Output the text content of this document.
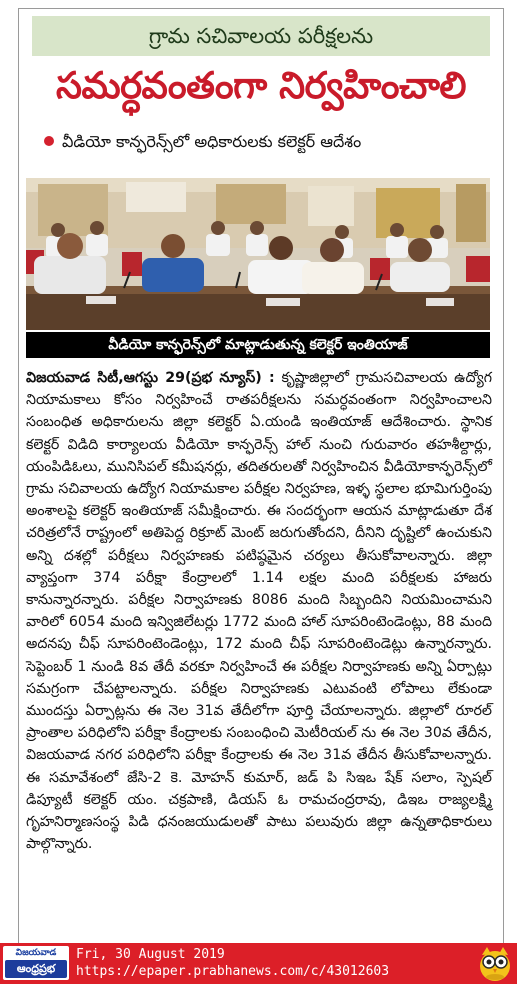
గ్రామ సచివాలయ పరీక్షలను
సమర్ధవంతంగా నిర్వహించాలి
వీడియో కాన్ఫరెన్స్‌లో అధికారులకు కలెక్టర్ ఆదేశం
వీడియో కాన్ఫరెన్స్‌లో మాట్లాడుతున్న కలెక్టర్ ఇంతియాజ్

విజయవాడ సిటీ,ఆగస్టు 29(ప్రభ న్యూస్) : కృష్ణాజిల్లాలో గ్రామసచివాలయ ఉద్యోగ నియామకాలు కోసం నిర్వహించే రాతపరీక్షలను సమర్ధవంతంగా నిర్వహించాలని సంబంధిత అధికారులను జిల్లా కలెక్టర్ ఏ.యండి ఇంతియాజ్ ఆదేశించారు. స్థానిక కలెక్టర్ విడిది కార్యాలయ వీడియో కాన్ఫరెన్స్ హాల్ నుంచి గురువారం తహశీల్దార్లు, యంపిడిఓలు, మునిసిపల్ కమీషనర్లు, తదితరులతో నిర్వహించిన వీడియోకాన్ఫరెన్స్‌లో గ్రామ సచివాలయ ఉద్యోగ నియామకాల పరీక్షల నిర్వహణ, ఇళ్ళ స్థలాల భూమిగుర్తింపు అంశాలపై కలెక్టర్ ఇంతియాజ్ సమీక్షించారు. ఈ సందర్భంగా ఆయన మాట్లాడుతూ దేశ చరిత్రలోనే రాష్ట్రంలో అతిపెద్ద రిక్రూట్ మెంట్ జరుగుతోందని, దీనిని దృష్టిలో ఉంచుకుని అన్ని దశల్లో పరీక్షలు నిర్వహణకు పటిష్ఠమైన చర్యలు తీసుకోవాలన్నారు. జిల్లా వ్యాప్తంగా 374 పరీక్షా కేంద్రాలలో 1.14 లక్షల మంది పరీక్షలకు హాజరు కానున్నారన్నారు. పరీక్షల నిర్వాహణకు 8086 మంది సిబ్బందిని నియమించామని వారిలో 6054 మంది ఇన్విజిలేటర్లు 1772 మంది హాల్ సూపరింటెండెంట్లు, 88 మంది అదనపు చీఫ్ సూపరింటెండెంట్లు, 172 మంది చీఫ్ సూపరింటెండెట్లు ఉన్నారన్నారు. సెప్టెంబర్ 1 నుండి 8వ తేదీ వరకూ నిర్వహించే ఈ పరీక్షల నిర్వాహణకు అన్ని ఏర్పాట్లు సమగ్రంగా చేపట్టాలన్నారు. పరీక్షల నిర్వాహణకు ఎటువంటి లోపాలు లేకుండా ముందస్తు ఏర్పాట్లను ఈ నెల 31వ తేదీలోగా పూర్తి చేయాలన్నారు. జిల్లాలో రూరల్ ప్రాంతాల పరిధిలోని పరీక్షా కేంద్రాలకు సంబంధించి మెటీరియల్ ను ఈ నెల 30వ తేదీన, విజయవాడ నగర పరిధిలోని పరీక్షా కేంద్రాలకు ఈ నెల 31వ తేదీన తీసుకోవాలన్నారు. ఈ సమావేశంలో జేసి-2 కె. మోహన్ కుమార్, జడ్ పి సిఇఒ షేక్ సలాం, స్పెషల్ డిప్యూటీ కలెక్టర్ యం. చక్రపాణి, డియస్ ఓ రామచంద్రరావు, డిఇఒ రాజ్యలక్ష్మి గృహనిర్మాణసంస్థ పిడి ధనంజయుడులతో పాటు పలువురు జిల్లా ఉన్నతాధికారులు పాల్గొన్నారు.

విజయవాడ
ఆంధ్రప్రభ
Fri, 30 August 2019
https://epaper.prabhanews.com/c/43012603
